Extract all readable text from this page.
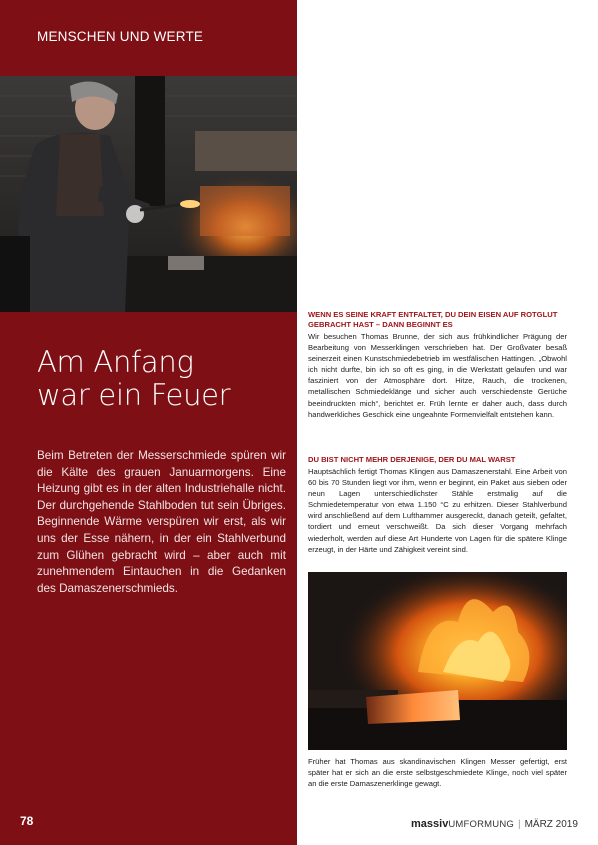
MENSCHEN UND WERTE
Am Anfang
war ein Feuer
Beim Betreten der Messerschmiede spüren wir die Kälte des grauen Januarmorgens. Eine Heizung gibt es in der alten Industriehalle nicht. Der durchgehende Stahlboden tut sein Übriges. Beginnende Wärme verspüren wir erst, als wir uns der Esse nähern, in der ein Stahlverbund zum Glühen gebracht wird – aber auch mit zunehmendem Eintauchen in die Gedanken des Damaszenerschmieds.
78
WENN ES SEINE KRAFT ENTFALTET, DU DEIN EISEN AUF ROTGLUT GEBRACHT HAST – DANN BEGINNT ES
Wir besuchen Thomas Brunne, der sich aus frühkindlicher Prägung der Bearbeitung von Messerklingen verschrieben hat. Der Großvater besaß seinerzeit einen Kunstschmiedebetrieb im westfälischen Hattingen. „Obwohl ich nicht durfte, bin ich so oft es ging, in die Werkstatt gelaufen und war fasziniert von der Atmosphäre dort. Hitze, Rauch, die trockenen, metallischen Schmiedeklänge und sicher auch verschiedenste Gerüche beeindruckten mich“, berichtet er. Früh lernte er daher auch, dass durch handwerkliches Geschick eine ungeahnte Formenvielfalt entstehen kann.
DU BIST NICHT MEHR DERJENIGE, DER DU MAL WARST
Hauptsächlich fertigt Thomas Klingen aus Damaszenerstahl. Eine Arbeit von 60 bis 70 Stunden liegt vor ihm, wenn er beginnt, ein Paket aus sieben oder neun Lagen unterschiedlichster Stähle erstmalig auf die Schmiedetemperatur von etwa 1.150 °C zu erhitzen. Dieser Stahlverbund wird anschließend auf dem Lufthammer ausgereckt, danach geteilt, gefaltet, tordiert und erneut verschweißt. Da sich dieser Vorgang mehrfach wiederholt, werden auf diese Art Hunderte von Lagen für die spätere Klinge erzeugt, in der Härte und Zähigkeit vereint sind.
Früher hat Thomas aus skandinavischen Klingen Messer gefertigt, erst später hat er sich an die erste selbstgeschmiedete Klinge, noch viel später an die erste Damaszenerklinge gewagt.
massivUMFORMUNG | MÄRZ 2019
